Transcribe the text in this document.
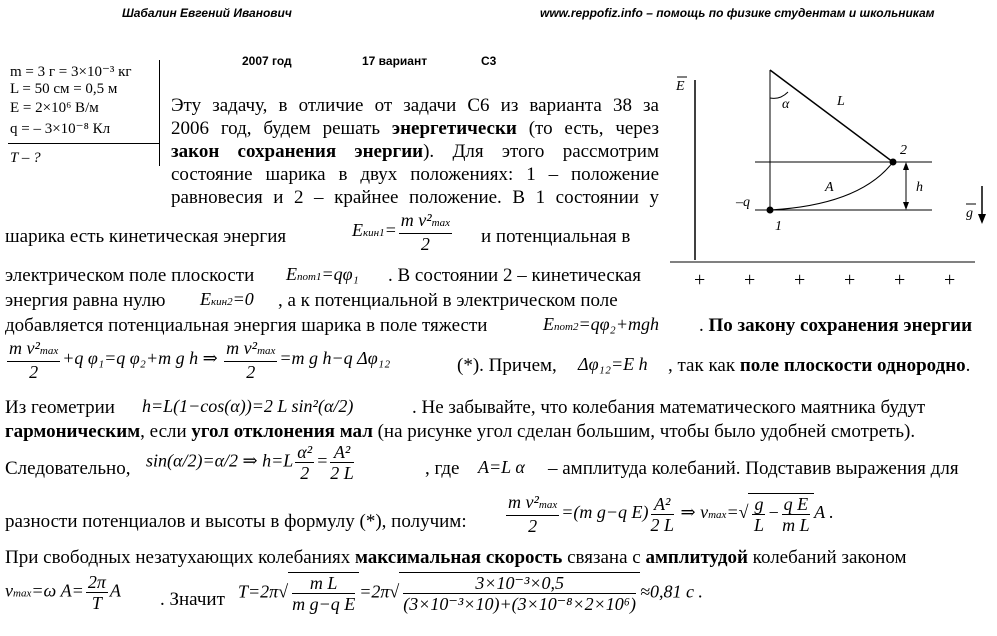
Шабалин Евгений Иванович	www.reppofiz.info – помощь по физике студентам и школьникам
2007 год	17 вариант	С3
m = 3 г = 3×10⁻³ кг
L = 50 см = 0,5 м
E = 2×10⁶ В/м
q = – 3×10⁻⁸ Кл
T – ?
Эту задачу, в отличие от задачи С6 из варианта 38 за
2006 год, будем решать энергетически (то есть, через
закон сохранения энергии). Для этого рассмотрим
состояние шарика в двух положениях: 1 – положение
равновесия и 2 – крайнее положение. В 1 состоянии у
шарика есть кинетическая энергия	Eкин1= $\frac{\text{m v²max}}{2}$ и потенциальная в
электрическом поле плоскости Eпот1=qφ₁ . В состоянии 2 – кинетическая
энергия равна нулю Eкин2=0 , а к потенциальной в электрическом поле
добавляется потенциальная энергия шарика в поле тяжести	Eпот2=qφ₂+mgh . По закону сохранения энергии
$\frac{\text{m v²max}}{2} +q$ φ₁=q φ₂+m g h ⇒ $\frac{\text{m v²max}}{2} =m$ g h−q Δφ₁₂	(*). Причем, Δφ₁₂=E h , так как поле плоскости однородно.
Из геометрии h=L(1−cos(α))=2 L sin²(α/2)	. Не забывайте, что колебания математического маятника будут
гармоническим, если угол отклонения мал (на рисунке угол сделан большим, чтобы было удобней смотреть).
Следовательно, sin(α/2)=α/2 ⇒ $h=L \frac{\text{α²}}{2} = \frac{\text{A²}}{2 L}$	, где A=L α – амплитуда колебаний. Подставив выражения для
разности потенциалов и высоты в формулу (*), получим: $\frac{\text{m v²max}}{2} =(m$ g−q $E) \frac{\text{A²}}{2 L}$ ⇒ $vmax=√ \frac{g}{L} - \frac{\text{q E}}{\text{m L}}$ A .
При свободных незатухающих колебаниях максимальная скорость связана с амплитудой колебаний законом
vmax=ω $A= \frac{2\pi}{T}$ A . Значит $T=2\pi√ \frac{\text{m L}}{\text{m g−q E}} =2\pi√ \frac{\text{3×10⁻³×0,5}}{\text{(3×10⁻³×10)+(3×10⁻⁸×2×10⁶)}} \approx 0,81$ с .
E
α	L
A	h
–q
1
2
g
+ + + + + +
